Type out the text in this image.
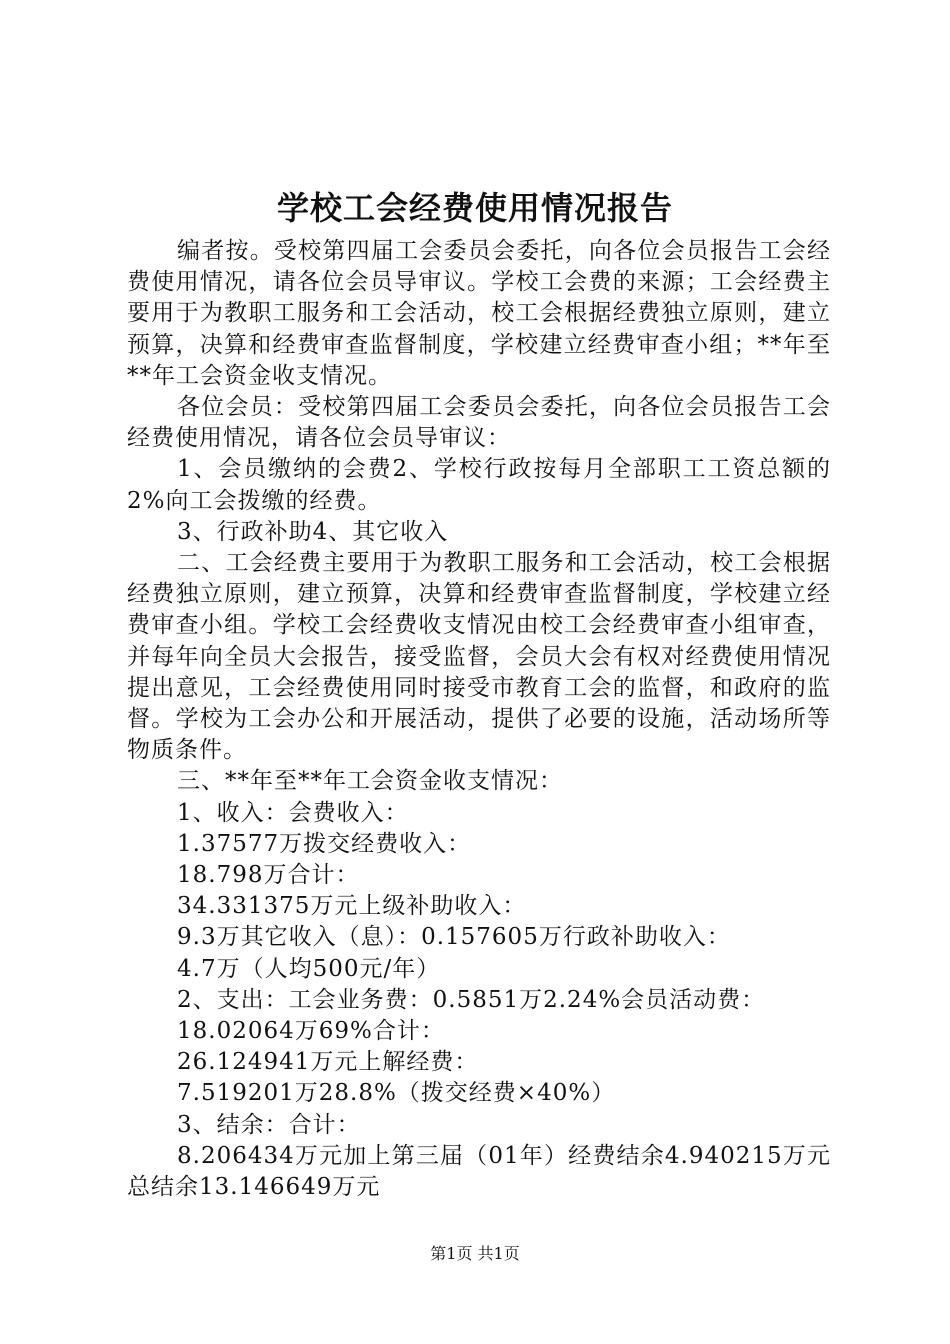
学校工会经费使用情况报告

编者按。受校第四届工会委员会委托，向各位会员报告工会经费使用情况，请各位会员导审议。学校工会费的来源；工会经费主要用于为教职工服务和工会活动，校工会根据经费独立原则，建立预算，决算和经费审查监督制度，学校建立经费审查小组；**年至**年工会资金收支情况。

各位会员：受校第四届工会委员会委托，向各位会员报告工会经费使用情况，请各位会员导审议：

1、会员缴纳的会费2、学校行政按每月全部职工工资总额的2%向工会拨缴的经费。

3、行政补助4、其它收入

二、工会经费主要用于为教职工服务和工会活动，校工会根据经费独立原则，建立预算，决算和经费审查监督制度，学校建立经费审查小组。学校工会经费收支情况由校工会经费审查小组审查，并每年向全员大会报告，接受监督，会员大会有权对经费使用情况提出意见，工会经费使用同时接受市教育工会的监督，和政府的监督。学校为工会办公和开展活动，提供了必要的设施，活动场所等物质条件。

三、**年至**年工会资金收支情况：

1、收入：会费收入：

1.37577万拨交经费收入：

18.798万合计：

34.331375万元上级补助收入：

9.3万其它收入（息）：0.157605万行政补助收入：

4.7万（人均500元/年）

2、支出：工会业务费：0.5851万2.24%会员活动费：

18.02064万69%合计：

26.124941万元上解经费：

7.519201万28.8%（拨交经费×40%）

3、结余：合计：

8.206434万元加上第三届（01年）经费结余4.940215万元总结余13.146649万元

第1页 共1页
